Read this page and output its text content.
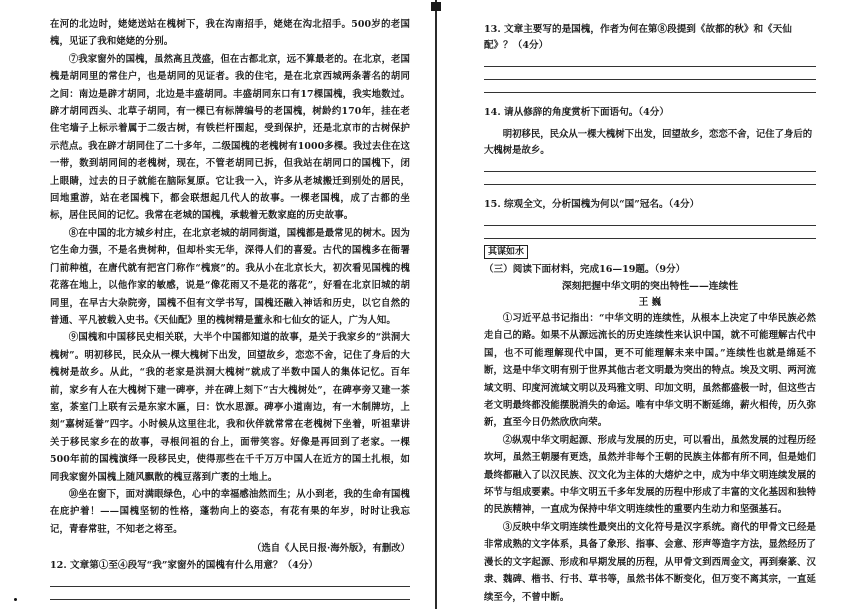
在河的北边时，姥姥送站在槐树下，我在沟南招手，姥姥在沟北招手。500岁的老国槐，见证了我和姥姥的分别。

⑦我家窗外的国槐，虽然高且茂盛，但在古都北京，远不算最老的。在北京，老国槐是胡同里的常住户，也是胡同的见证者。我的住宅，是在北京西城两条著名的胡同之间：南边是辟才胡同，北边是丰盛胡同。丰盛胡同东口有17棵国槐，我实地数过。辟才胡同西头、北草子胡同，有一棵已有标牌编号的老国槐，树龄约170年，挂在老住宅墙子上标示着属于二级古树，有铁栏杆围起，受到保护，还是北京市的古树保护示范点。我在辟才胡同住了二十多年，二级国槐的老槐树有1000多棵。我过去住在这一带，数到胡同间的老槐树，现在，不管老胡同已拆，但我站在胡同口的国槐下，闭上眼睛，过去的日子就能在脑际复原。它让我一入，许多从老城搬迁到别处的居民，回地重游，站在老国槐下，都会联想起几代人的故事。一棵老国槐，成了古都的坐标，居住民间的记忆。我常在老城的国槐，承载着无数家庭的历史故事。

⑧在中国的北方城乡村庄，在北京老城的胡同街道，国槐都是最常见的树木。因为它生命力强，不是名贵树种，但却朴实无华，深得人们的喜爱。古代的国槐多在衙署门前种植，在唐代就有把宫门称作“槐宸”的。我从小在北京长大，初次看见国槐的槐花落在地上，以他作家的敏感，说是“像花雨又不是花的落花”，好看在北京旧城的胡同里，在早古大杂院旁，国槐不但有文学书写，国槐还融入神话和历史，以它自然的普通、平凡被载入史书。《天仙配》里的槐树精是董永和七仙女的证人，广为人知。

⑨国槐和中国移民史相关联，大半个中国都知道的故事，是关于我家乡的“洪洞大槐树”。明初移民，民众从一棵大槐树下出发，回望故乡，恋恋不舍，记住了身后的大槐树是故乡。从此，“我的老家是洪洞大槐树”就成了半数中国人的集体记忆。百年前，家乡有人在大槐树下建一碑亭，并在碑上刻下“古大槐树处”，在碑亭旁又建一茶室，茶室门上联有云是东家木匾，曰：饮水思源。碑亭小道南边，有一木制牌坊，上刻“嘉树延誉”四字。小时候从这里往北，我和伙伴就常常在老槐树下坐着，听祖辈讲关于移民家乡在的故事，寻根问祖的台上，面带笑容。好像是再回到了老家。一棵500年前的国槐演绎一段移民史，使得那些在千千万万中国人在近方的国土扎根，如同我家窗外国槐上随风飘散的槐豆落到广袤的土地上。

⑩坐在窗下，面对满眼绿色，心中的幸福感油然而生；从小到老，我的生命有国槐在庇护着！——国槐坚韧的性格，蓬勃向上的姿态，有花有果的年岁，时时让我忘记，青春常驻，不知老之将至。

（选自《人民日报·海外版》，有删改）

12. 文章第①至④段写“我”家窗外的国槐有什么用意？（4分）

13. 文章主要写的是国槐，作者为何在第⑧段提到《故都的秋》和《天仙配》？（4分）

14. 请从修辞的角度赏析下面语句。（4分）

明初移民，民众从一棵大槐树下出发，回望故乡，恋恋不舍，记住了身后的大槐树是故乡。

15. 综观全文，分析国槐为何以“国”冠名。（4分）

其谋如水

（三）阅读下面材料，完成16—19题。（9分）

深刻把握中华文明的突出特性——连续性

王 巍

①习近平总书记指出：“中华文明的连续性，从根本上决定了中华民族必然走自己的路。如果不从源远流长的历史连续性来认识中国，就不可能理解古代中国，也不可能理解现代中国，更不可能理解未来中国。”连续性也就是绵延不断，这是中华文明有别于世界其他古老文明最为突出的特点。埃及文明、两河流域文明、印度河流域文明以及玛雅文明、印加文明，虽然都盛极一时，但这些古老文明最终都没能摆脱消失的命运。唯有中华文明不断延绵，薪火相传，历久弥新，直至今日仍然欣欣向荣。

②纵观中华文明起源、形成与发展的历史，可以看出，虽然发展的过程历经坎坷，虽然王朝屡有更迭，虽然并非每个王朝的民族主体都有所不同，但是她们最终都融入了以汉民族、汉文化为主体的大熔炉之中，成为中华文明连续发展的坏节与组成要素。中华文明五千多年发展的历程中形成了丰富的文化基因和独特的民族精神，一直成为保持中华文明连续性的重要内生动力和坚强基石。

③反映中华文明连续性最突出的文化符号是汉字系统。商代的甲骨文已经是非常成熟的文字体系，具备了象形、指事、会意、形声等造字方法，显然经历了漫长的文字起源、形成和早期发展的历程，从甲骨文到西周金文，再到秦篆、汉隶、魏碑、楷书、行书、草书等，虽然书体不断变化，但万变不离其宗，一直延续至今，不曾中断。
